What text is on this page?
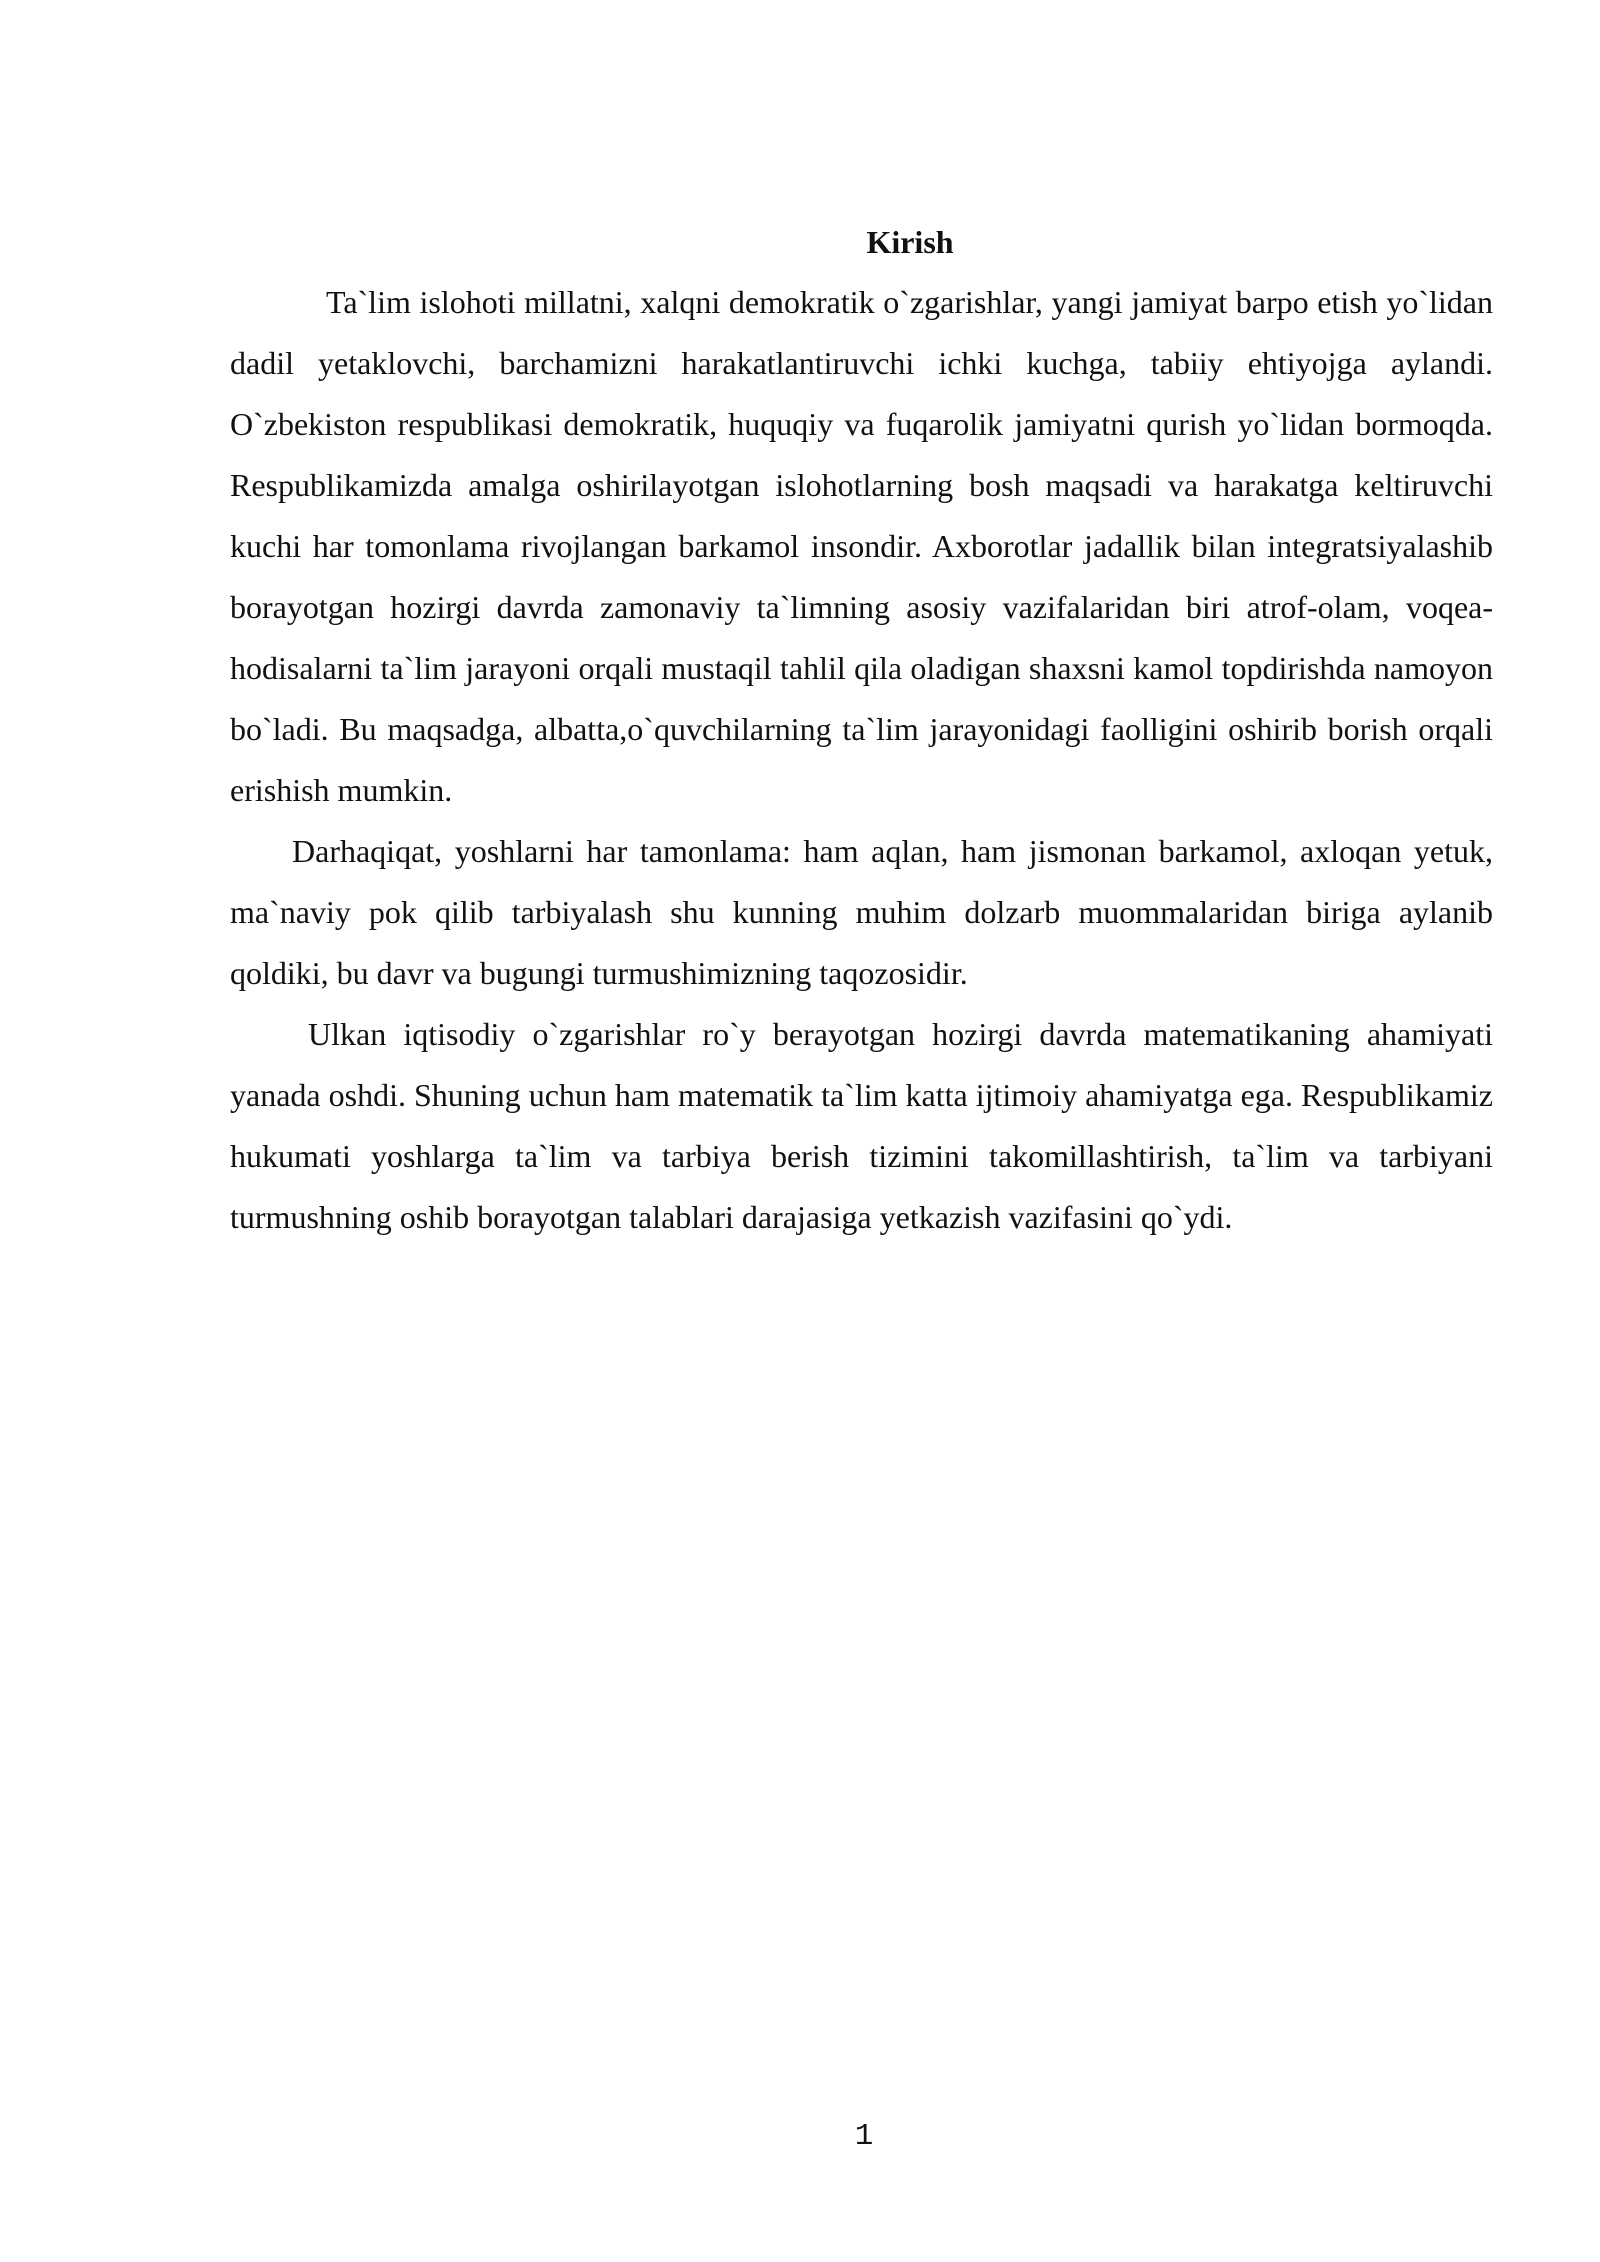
Kirish

Ta`lim islohoti millatni, xalqni demokratik o`zgarishlar, yangi jamiyat barpo etish yo`lidan dadil yetaklovchi, barchamizni harakatlantiruvchi ichki kuchga, tabiiy ehtiyojga aylandi. O`zbekiston respublikasi demokratik, huquqiy va fuqarolik jamiyatni qurish yo`lidan bormoqda. Respublikamizda amalga oshirilayotgan islohotlarning bosh maqsadi va harakatga keltiruvchi kuchi har tomonlama rivojlangan barkamol insondir. Axborotlar jadallik bilan integratsiyalashib borayotgan hozirgi davrda zamonaviy ta`limning asosiy vazifalaridan biri atrof-olam, voqea-hodisalarni ta`lim jarayoni orqali mustaqil tahlil qila oladigan shaxsni kamol topdirishda namoyon bo`ladi. Bu maqsadga, albatta,o`quvchilarning ta`lim jarayonidagi faolligini oshirib borish orqali erishish mumkin.

Darhaqiqat, yoshlarni har tamonlama: ham aqlan, ham jismonan barkamol, axloqan yetuk, ma`naviy pok qilib tarbiyalash shu kunning muhim dolzarb muommalaridan biriga aylanib qoldiki, bu davr va bugungi turmushimizning taqozosidir.

Ulkan iqtisodiy o`zgarishlar ro`y berayotgan hozirgi davrda matematikaning ahamiyati yanada oshdi. Shuning uchun ham matematik ta`lim katta ijtimoiy ahamiyatga ega. Respublikamiz hukumati yoshlarga ta`lim va tarbiya berish tizimini takomillashtirish, ta`lim va tarbiyani turmushning oshib borayotgan talablari darajasiga yetkazish vazifasini qo`ydi.

1
